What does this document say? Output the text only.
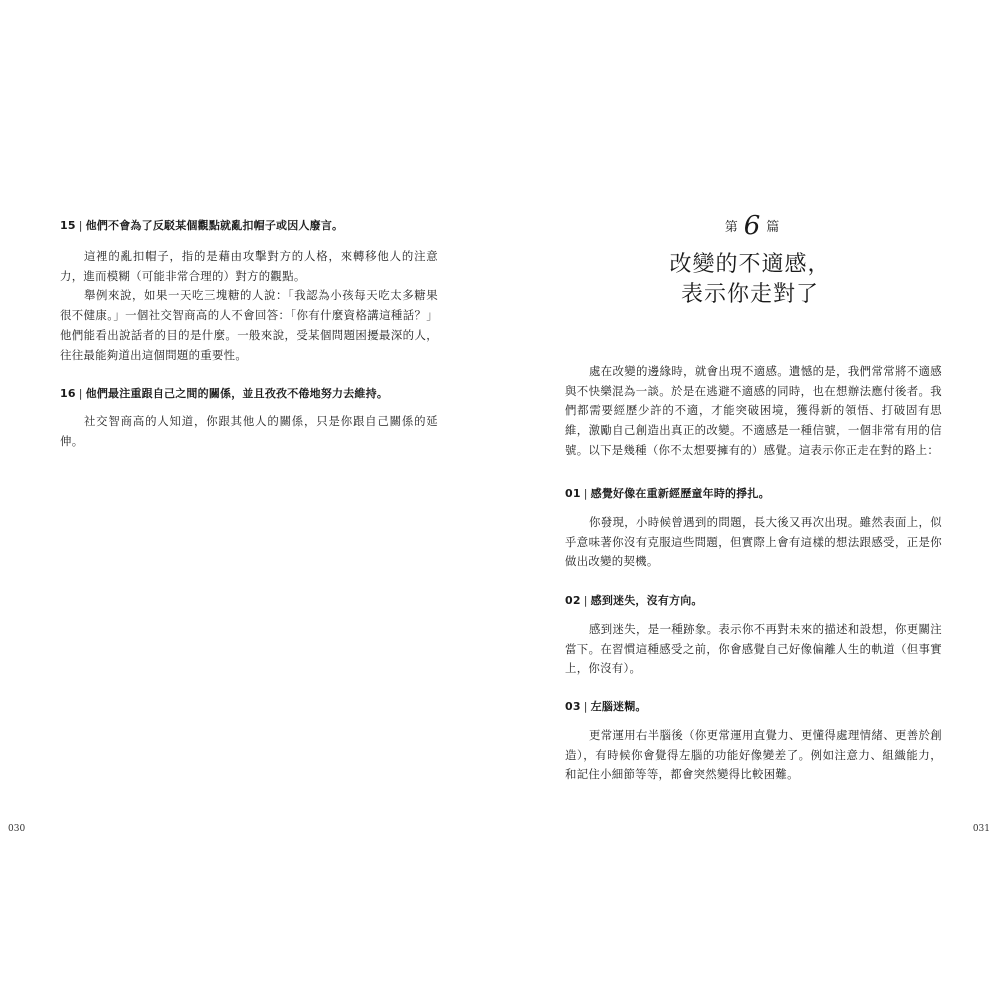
15 | 他們不會為了反駁某個觀點就亂扣帽子或因人廢言。

這裡的亂扣帽子，指的是藉由攻擊對方的人格，來轉移他人的注意力，進而模糊（可能非常合理的）對方的觀點。

舉例來說，如果一天吃三塊糖的人說：「我認為小孩每天吃太多糖果很不健康。」一個社交智商高的人不會回答：「你有什麼資格講這種話？」他們能看出說話者的目的是什麼。一般來說，受某個問題困擾最深的人，往往最能夠道出這個問題的重要性。

16 | 他們最注重跟自己之間的關係，並且孜孜不倦地努力去維持。

社交智商高的人知道，你跟其他人的關係，只是你跟自己關係的延伸。

030
第 6 篇
改變的不適感，
表示你走對了

處在改變的邊緣時，就會出現不適感。遺憾的是，我們常常將不適感與不快樂混為一談。於是在逃避不適感的同時，也在想辦法應付後者。我們都需要經歷少許的不適，才能突破困境，獲得新的領悟、打破固有思維，激勵自己創造出真正的改變。不適感是一種信號，一個非常有用的信號。以下是幾種（你不太想要擁有的）感覺。這表示你正走在對的路上：

01 | 感覺好像在重新經歷童年時的掙扎。

你發現，小時候曾遇到的問題，長大後又再次出現。雖然表面上，似乎意味著你沒有克服這些問題，但實際上會有這樣的想法跟感受，正是你做出改變的契機。

02 | 感到迷失，沒有方向。

感到迷失，是一種跡象。表示你不再對未來的描述和設想，你更關注當下。在習慣這種感受之前，你會感覺自己好像偏離人生的軌道（但事實上，你沒有）。

03 | 左腦迷糊。

更常運用右半腦後（你更常運用直覺力、更懂得處理情緒、更善於創造），有時候你會覺得左腦的功能好像變差了。例如注意力、組織能力，和記住小細節等等，都會突然變得比較困難。

031
